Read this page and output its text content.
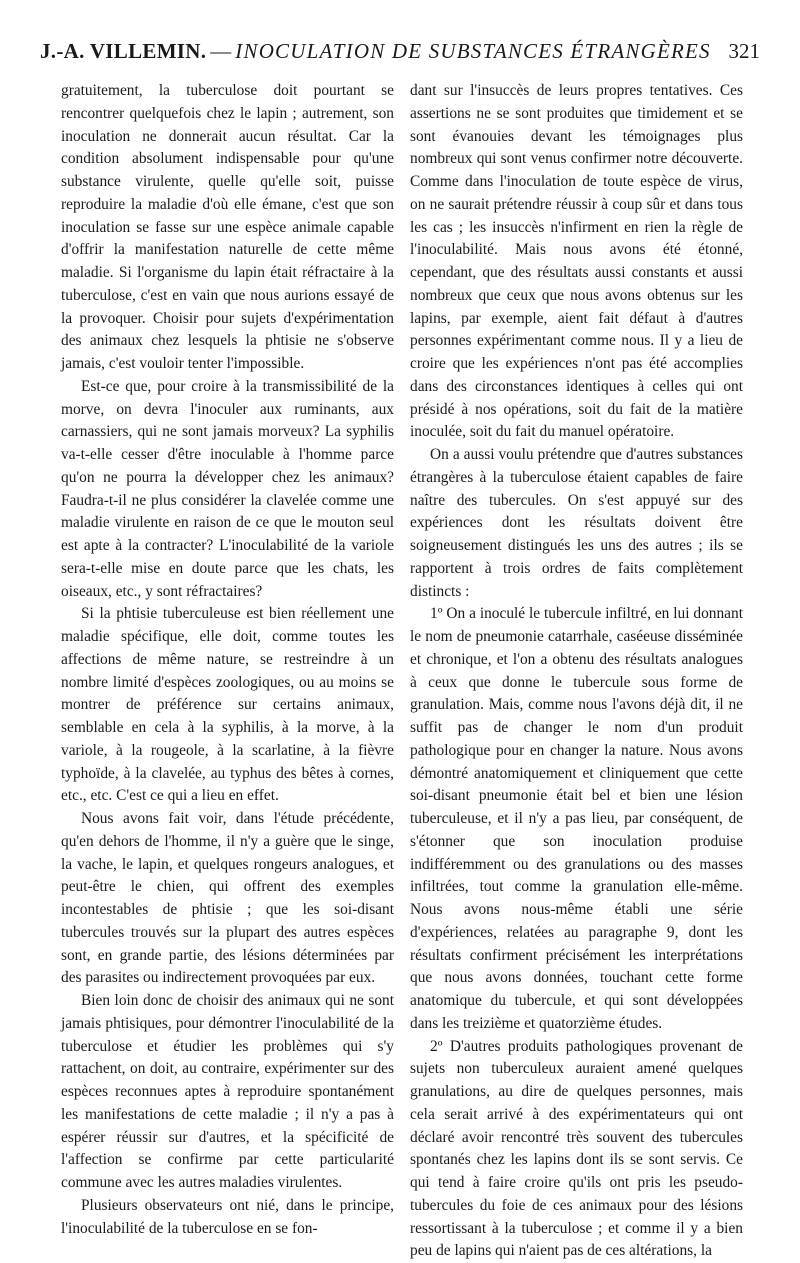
J.-A. VILLEMIN. — INOCULATION DE SUBSTANCES ÉTRANGÈRES 321

gratuitement, la tuberculose doit pourtant se rencontrer quelquefois chez le lapin ; autrement, son inoculation ne donnerait aucun résultat. Car la condition absolument indispensable pour qu'une substance virulente, quelle qu'elle soit, puisse reproduire la maladie d'où elle émane, c'est que son inoculation se fasse sur une espèce animale capable d'offrir la manifestation naturelle de cette même maladie. Si l'organisme du lapin était réfractaire à la tuberculose, c'est en vain que nous aurions essayé de la provoquer. Choisir pour sujets d'expérimentation des animaux chez lesquels la phtisie ne s'observe jamais, c'est vouloir tenter l'impossible.

Est-ce que, pour croire à la transmissibilité de la morve, on devra l'inoculer aux ruminants, aux carnassiers, qui ne sont jamais morveux? La syphilis va-t-elle cesser d'être inoculable à l'homme parce qu'on ne pourra la développer chez les animaux? Faudra-t-il ne plus considérer la clavelée comme une maladie virulente en raison de ce que le mouton seul est apte à la contracter? L'inoculabilité de la variole sera-t-elle mise en doute parce que les chats, les oiseaux, etc., y sont réfractaires?

Si la phtisie tuberculeuse est bien réellement une maladie spécifique, elle doit, comme toutes les affections de même nature, se restreindre à un nombre limité d'espèces zoologiques, ou au moins se montrer de préférence sur certains animaux, semblable en cela à la syphilis, à la morve, à la variole, à la rougeole, à la scarlatine, à la fièvre typhoïde, à la clavelée, au typhus des bêtes à cornes, etc., etc. C'est ce qui a lieu en effet.

Nous avons fait voir, dans l'étude précédente, qu'en dehors de l'homme, il n'y a guère que le singe, la vache, le lapin, et quelques rongeurs analogues, et peut-être le chien, qui offrent des exemples incontestables de phtisie ; que les soi-disant tubercules trouvés sur la plupart des autres espèces sont, en grande partie, des lésions déterminées par des parasites ou indirectement provoquées par eux.

Bien loin donc de choisir des animaux qui ne sont jamais phtisiques, pour démontrer l'inoculabilité de la tuberculose et étudier les problèmes qui s'y rattachent, on doit, au contraire, expérimenter sur des espèces reconnues aptes à reproduire spontanément les manifestations de cette maladie ; il n'y a pas à espérer réussir sur d'autres, et la spécificité de l'affection se confirme par cette particularité commune avec les autres maladies virulentes.

Plusieurs observateurs ont nié, dans le principe, l'inoculabilité de la tuberculose en se fon-

dant sur l'insuccès de leurs propres tentatives. Ces assertions ne se sont produites que timidement et se sont évanouies devant les témoignages plus nombreux qui sont venus confirmer notre découverte. Comme dans l'inoculation de toute espèce de virus, on ne saurait prétendre réussir à coup sûr et dans tous les cas ; les insuccès n'infirment en rien la règle de l'inoculabilité. Mais nous avons été étonné, cependant, que des résultats aussi constants et aussi nombreux que ceux que nous avons obtenus sur les lapins, par exemple, aient fait défaut à d'autres personnes expérimentant comme nous. Il y a lieu de croire que les expériences n'ont pas été accomplies dans des circonstances identiques à celles qui ont présidé à nos opérations, soit du fait de la matière inoculée, soit du fait du manuel opératoire.

On a aussi voulu prétendre que d'autres substances étrangères à la tuberculose étaient capables de faire naître des tubercules. On s'est appuyé sur des expériences dont les résultats doivent être soigneusement distingués les uns des autres ; ils se rapportent à trois ordres de faits complètement distincts :

1º On a inoculé le tubercule infiltré, en lui donnant le nom de pneumonie catarrhale, caséeuse disséminée et chronique, et l'on a obtenu des résultats analogues à ceux que donne le tubercule sous forme de granulation. Mais, comme nous l'avons déjà dit, il ne suffit pas de changer le nom d'un produit pathologique pour en changer la nature. Nous avons démontré anatomiquement et cliniquement que cette soi-disant pneumonie était bel et bien une lésion tuberculeuse, et il n'y a pas lieu, par conséquent, de s'étonner que son inoculation produise indifféremment ou des granulations ou des masses infiltrées, tout comme la granulation elle-même. Nous avons nous-même établi une série d'expériences, relatées au paragraphe 9, dont les résultats confirment précisément les interprétations que nous avons données, touchant cette forme anatomique du tubercule, et qui sont développées dans les treizième et quatorzième études.

2º D'autres produits pathologiques provenant de sujets non tuberculeux auraient amené quelques granulations, au dire de quelques personnes, mais cela serait arrivé à des expérimentateurs qui ont déclaré avoir rencontré très souvent des tubercules spontanés chez les lapins dont ils se sont servis. Ce qui tend à faire croire qu'ils ont pris les pseudo-tubercules du foie de ces animaux pour des lésions ressortissant à la tuberculose ; et comme il y a bien peu de lapins qui n'aient pas de ces altérations, la
